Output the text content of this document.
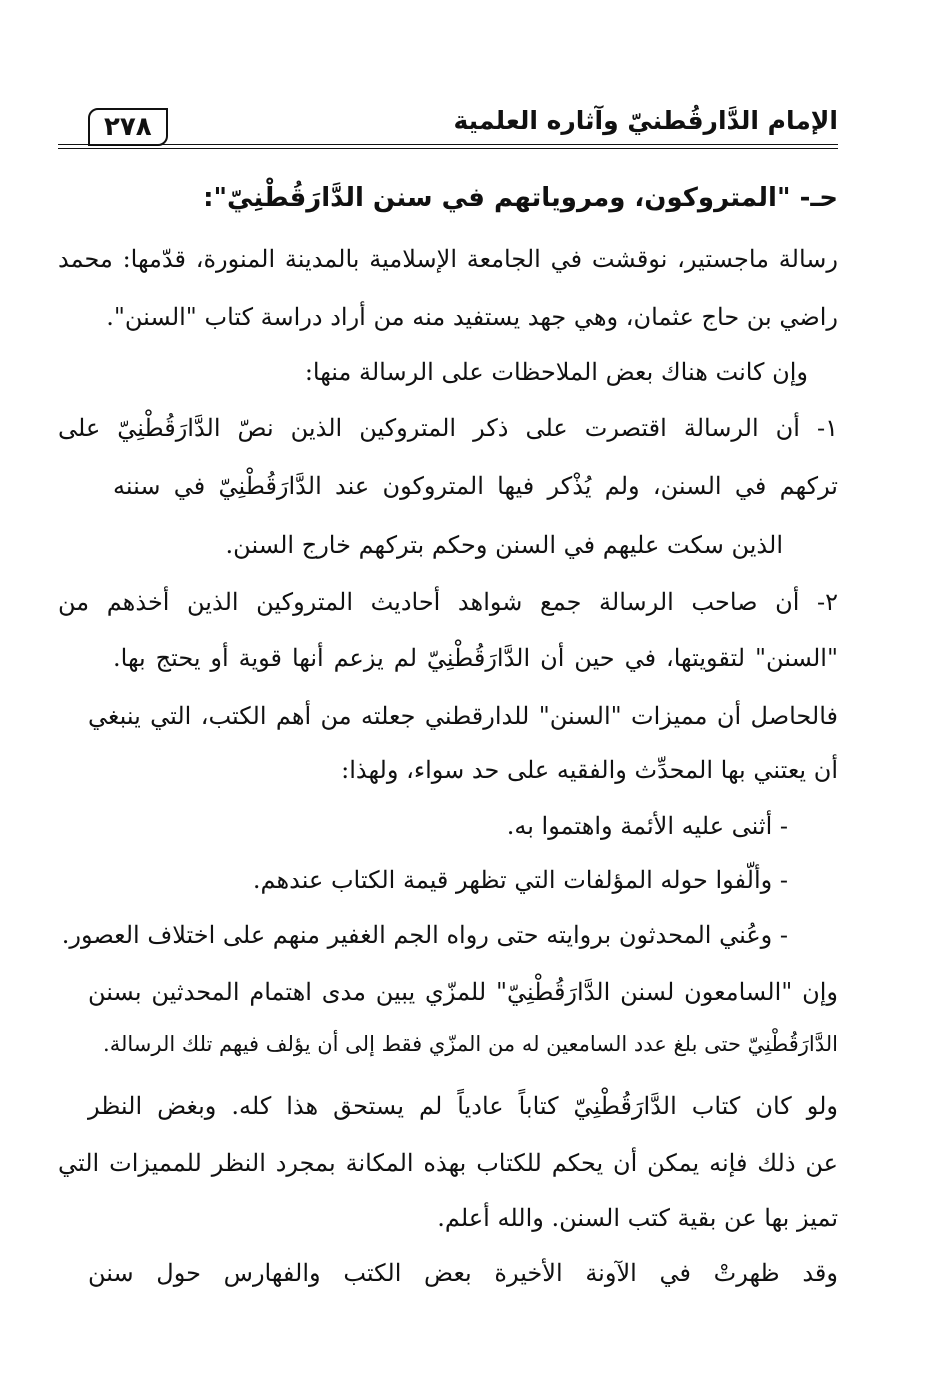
٢٧٨	الإمام الدَّارقُطنيّ وآثاره العلمية
حـ- "المتروكون، ومروياتهم في سنن الدَّارَقُطْنِيّ":
رسالة ماجستير، نوقشت في الجامعة الإسلامية بالمدينة المنورة، قدّمها: محمد
راضي بن حاج عثمان، وهي جهد يستفيد منه من أراد دراسة كتاب "السنن".
وإن كانت هناك بعض الملاحظات على الرسالة منها:
١- أن الرسالة اقتصرت على ذكر المتروكين الذين نصّ الدَّارَقُطْنِيّ على
تركهم في السنن، ولم يُذْكر فيها المتروكون عند الدَّارَقُطْنِيّ في سننه
الذين سكت عليهم في السنن وحكم بتركهم خارج السنن.
٢- أن صاحب الرسالة جمع شواهد أحاديث المتروكين الذين أخذهم من
"السنن" لتقويتها، في حين أن الدَّارَقُطْنِيّ لم يزعم أنها قوية أو يحتج بها.
فالحاصل أن مميزات "السنن" للدارقطني جعلته من أهم الكتب، التي ينبغي
أن يعتني بها المحدِّث والفقيه على حد سواء، ولهذا:
- أثنى عليه الأئمة واهتموا به.
- وألّفوا حوله المؤلفات التي تظهر قيمة الكتاب عندهم.
- وعُني المحدثون بروايته حتى رواه الجم الغفير منهم على اختلاف العصور.
وإن "السامعون لسنن الدَّارَقُطْنِيّ" للمزّي يبين مدى اهتمام المحدثين بسنن
الدَّارَقُطْنِيّ حتى بلغ عدد السامعين له من المزّي فقط إلى أن يؤلف فيهم تلك الرسالة.
ولو كان كتاب الدَّارَقُطْنِيّ كتاباً عادياً لم يستحق هذا كله. وبغض النظر
عن ذلك فإنه يمكن أن يحكم للكتاب بهذه المكانة بمجرد النظر للمميزات التي
تميز بها عن بقية كتب السنن. والله أعلم.
وقد ظهرتْ في الآونة الأخيرة بعض الكتب والفهارس حول سنن
